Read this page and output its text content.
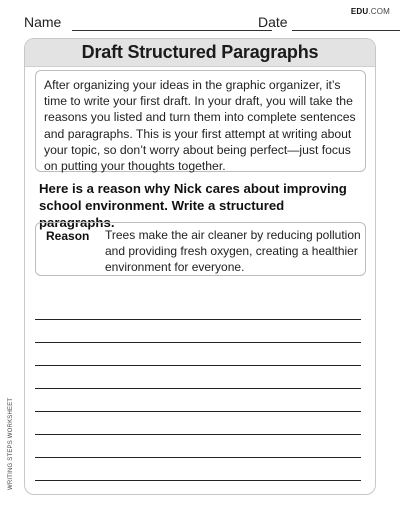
Name	Date
EDU.COM
Draft Structured Paragraphs
After organizing your ideas in the graphic organizer, it’s time to write your first draft. In your draft, you will take the reasons you listed and turn them into complete sentences and paragraphs. This is your first attempt at writing about your topic, so don’t worry about being perfect—just focus on putting your thoughts together.
Here is a reason why Nick cares about improving school environment. Write a structured paragraphs.
Reason Trees make the air cleaner by reducing pollution and providing fresh oxygen, creating a healthier environment for everyone.
WRITING STEPS WORKSHEET
